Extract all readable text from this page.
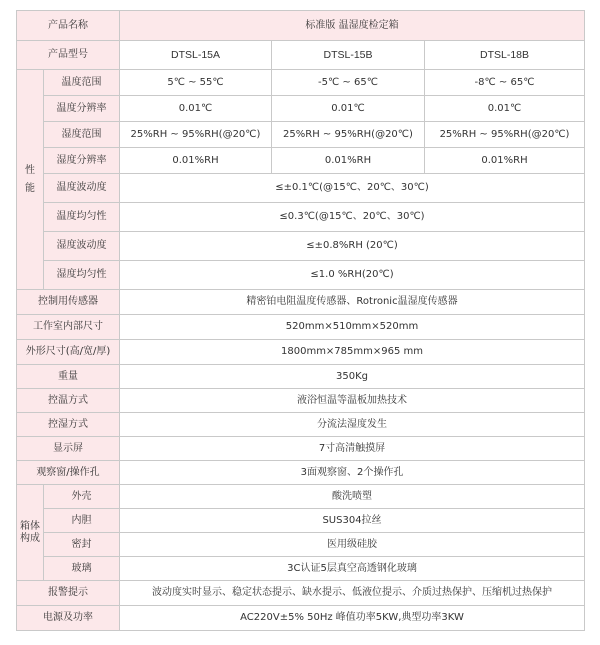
产品名称		标准版 温湿度检定箱		
产品型号		DTSL-15A	DTSL-15B	DTSL-18B
性
能	温度范围	5℃ ~ 55℃	-5℃ ~ 65℃	-8℃ ~ 65℃
	温度分辨率	0.01℃	0.01℃	0.01℃
	湿度范围	25%RH ~ 95%RH(@20℃)	25%RH ~ 95%RH(@20℃)	25%RH ~ 95%RH(@20℃)
	湿度分辨率	0.01%RH	0.01%RH	0.01%RH
	温度波动度	≤±0.1℃(@15℃、20℃、30℃)		
	温度均匀性	≤0.3℃(@15℃、20℃、30℃)		
	湿度波动度	≤±0.8%RH (20℃)		
	湿度均匀性	≤1.0 %RH(20℃)		
控制用传感器		精密铂电阻温度传感器、Rotronic温湿度传感器		
工作室内部尺寸		520mm×510mm×520mm		
外形尺寸(高/宽/厚)		1800mm×785mm×965 mm		
重量		350Kg		
控温方式		液浴恒温等温板加热技术		
控湿方式		分流法湿度发生		
显示屏		7寸高清触摸屏		
观察窗/操作孔		3面观察窗、2个操作孔		
箱体
构成	外壳	酸洗喷塑		
	内胆	SUS304拉丝		
	密封	医用级硅胶		
	玻璃	3C认证5层真空高透钢化玻璃		
报警提示		波动度实时显示、稳定状态提示、缺水提示、低液位提示、介质过热保护、压缩机过热保护		
电源及功率		AC220V±5% 50Hz 峰值功率5KW,典型功率3KW		
